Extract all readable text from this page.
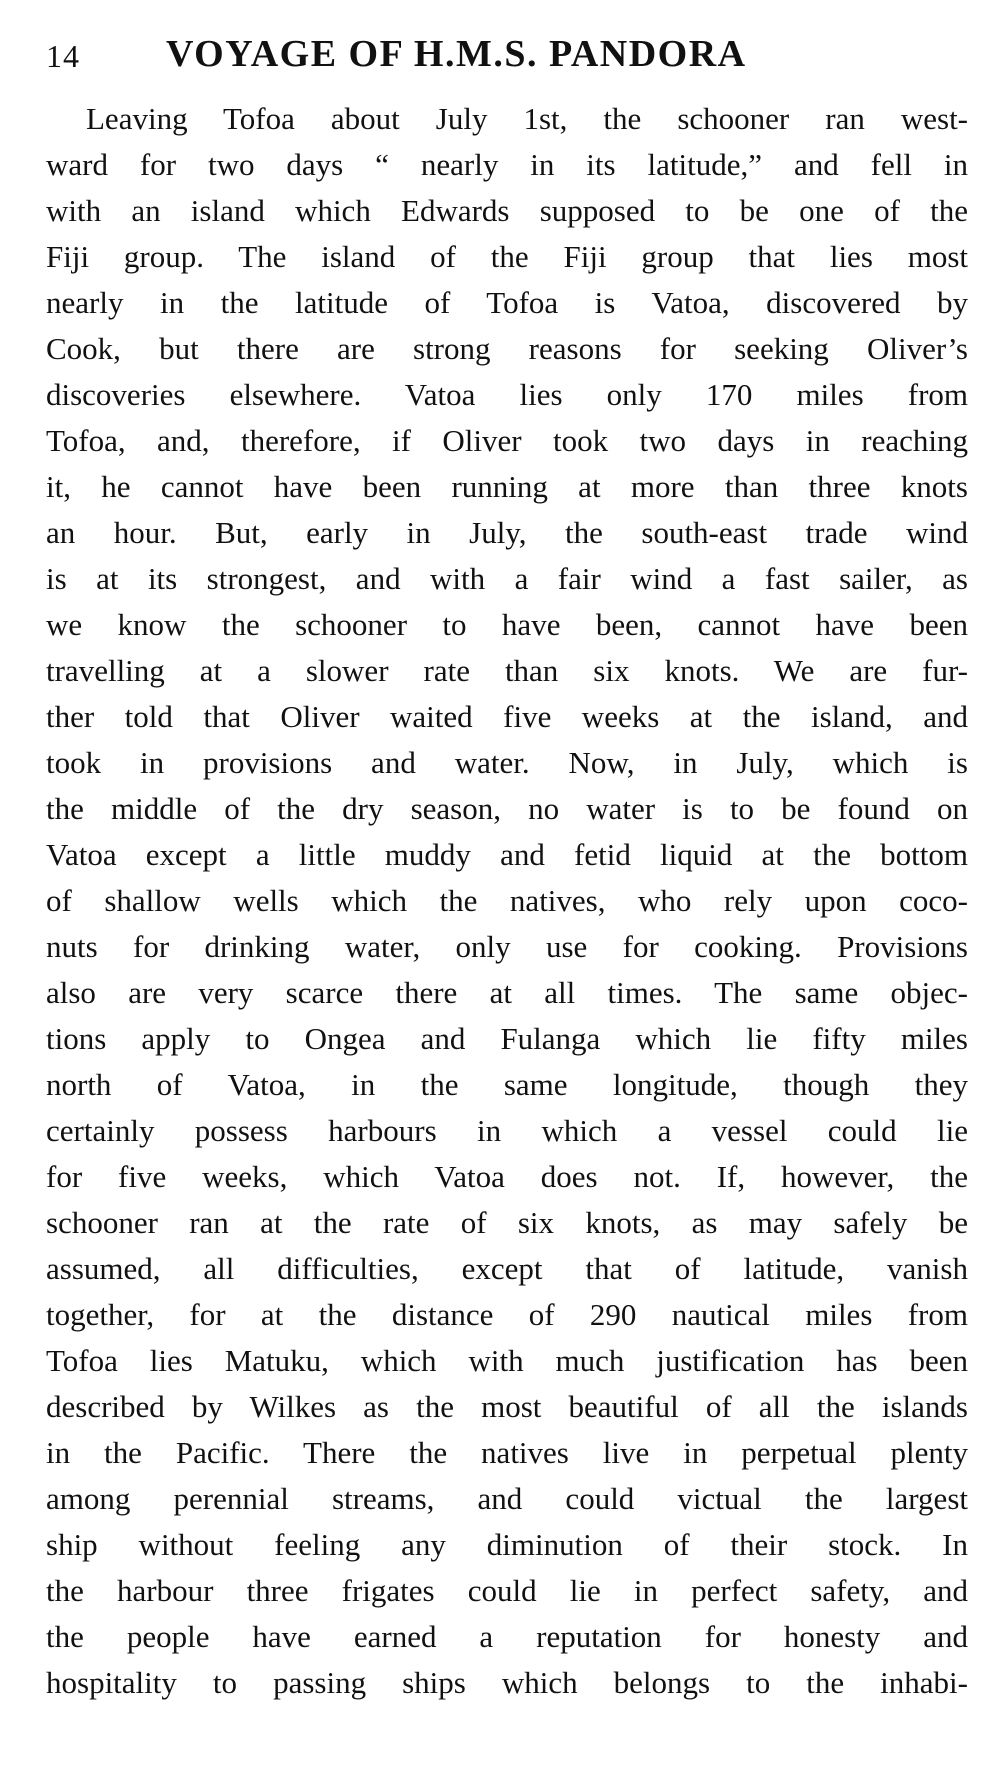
14 VOYAGE OF H.M.S. PANDORA
Leaving Tofoa about July 1st, the schooner ran west-
ward for two days “ nearly in its latitude,” and fell in
with an island which Edwards supposed to be one of the
Fiji group. The island of the Fiji group that lies most
nearly in the latitude of Tofoa is Vatoa, discovered by
Cook, but there are strong reasons for seeking Oliver’s
discoveries elsewhere. Vatoa lies only 170 miles from
Tofoa, and, therefore, if Oliver took two days in reaching
it, he cannot have been running at more than three knots
an hour. But, early in July, the south-east trade wind
is at its strongest, and with a fair wind a fast sailer, as
we know the schooner to have been, cannot have been
travelling at a slower rate than six knots. We are fur-
ther told that Oliver waited five weeks at the island, and
took in provisions and water. Now, in July, which is
the middle of the dry season, no water is to be found on
Vatoa except a little muddy and fetid liquid at the bottom
of shallow wells which the natives, who rely upon coco-
nuts for drinking water, only use for cooking. Provisions
also are very scarce there at all times. The same objec-
tions apply to Ongea and Fulanga which lie fifty miles
north of Vatoa, in the same longitude, though they
certainly possess harbours in which a vessel could lie
for five weeks, which Vatoa does not. If, however, the
schooner ran at the rate of six knots, as may safely be
assumed, all difficulties, except that of latitude, vanish
together, for at the distance of 290 nautical miles from
Tofoa lies Matuku, which with much justification has been
described by Wilkes as the most beautiful of all the islands
in the Pacific. There the natives live in perpetual plenty
among perennial streams, and could victual the largest
ship without feeling any diminution of their stock. In
the harbour three frigates could lie in perfect safety, and
the people have earned a reputation for honesty and
hospitality to passing ships which belongs to the inhabi-
